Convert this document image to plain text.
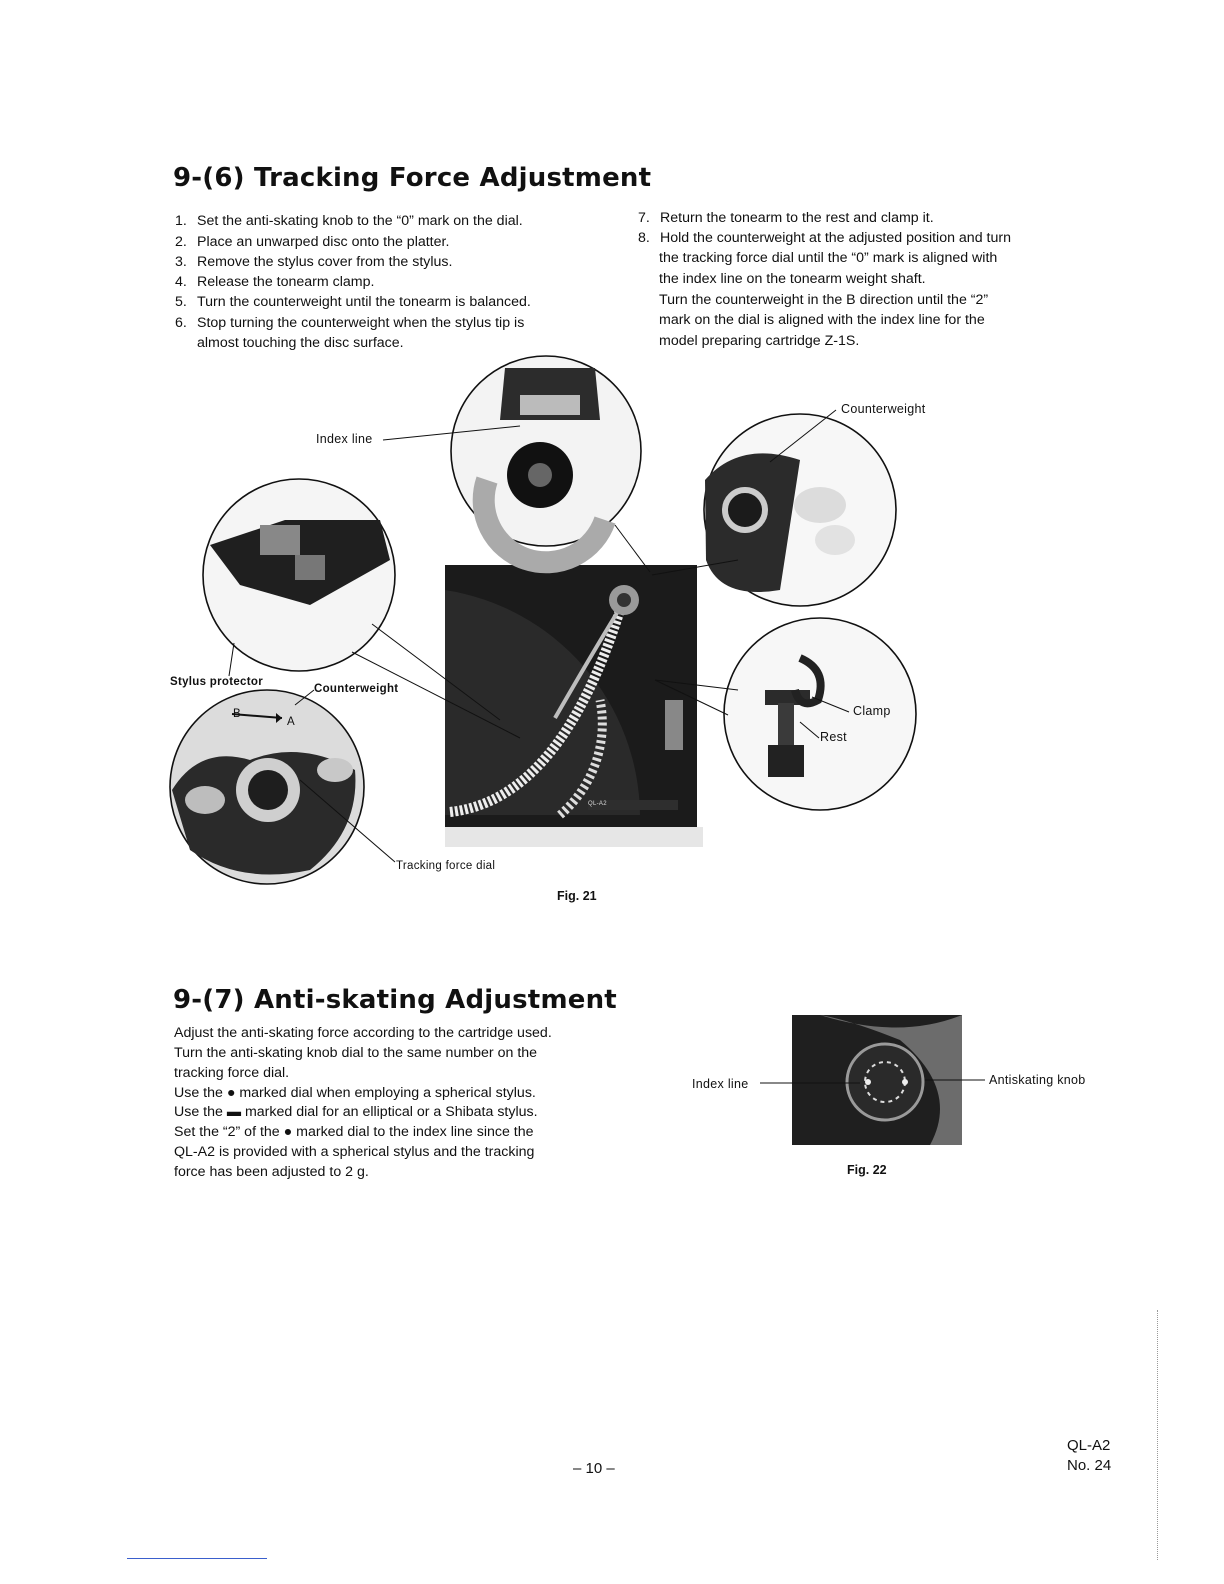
9-(6) Tracking Force Adjustment
1. Set the anti-skating knob to the “0” mark on the dial.
2. Place an unwarped disc onto the platter.
3. Remove the stylus cover from the stylus.
4. Release the tonearm clamp.
5. Turn the counterweight until the tonearm is balanced.
6. Stop turning the counterweight when the stylus tip is
almost touching the disc surface.
7. Return the tonearm to the rest and clamp it.
8. Hold the counterweight at the adjusted position and turn
the tracking force dial until the “0” mark is aligned with
the index line on the tonearm weight shaft.
Turn the counterweight in the B direction until the “2”
mark on the dial is aligned with the index line for the
model preparing cartridge Z-1S.
Index line
Counterweight
Stylus protector
Counterweight
B
A
Clamp
Rest
Tracking force dial
QL-A2
Fig. 21
9-(7) Anti-skating Adjustment
Adjust the anti-skating force according to the cartridge used.
Turn the anti-skating knob dial to the same number on the
tracking force dial.
Use the ● marked dial when employing a spherical stylus.
Use the ▬ marked dial for an elliptical or a Shibata stylus.
Set the “2” of the ● marked dial to the index line since the
QL-A2 is provided with a spherical stylus and the tracking
force has been adjusted to 2 g.
Index line	Antiskating knob
Fig. 22
– 10 –
QL-A2
No. 24
